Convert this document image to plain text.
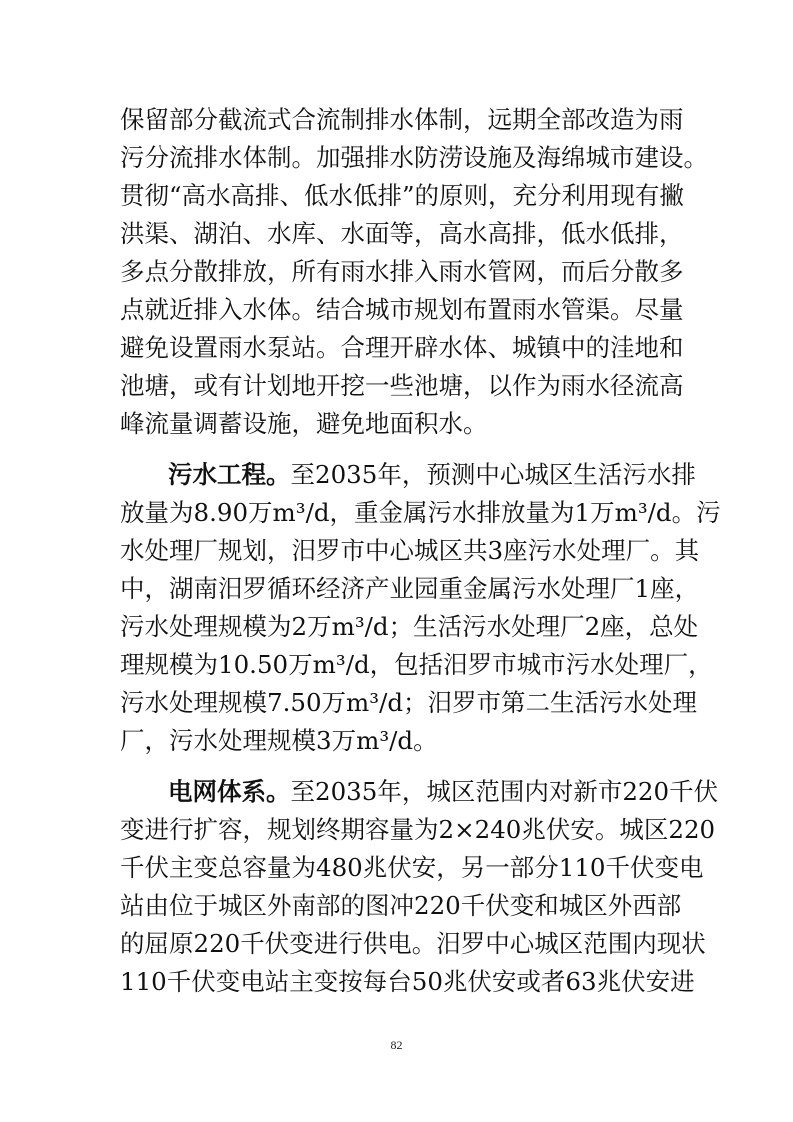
保留部分截流式合流制排水体制，远期全部改造为雨
污分流排水体制。加强排水防涝设施及海绵城市建设。
贯彻“高水高排、低水低排”的原则，充分利用现有撇
洪渠、湖泊、水库、水面等，高水高排，低水低排，
多点分散排放，所有雨水排入雨水管网，而后分散多
点就近排入水体。结合城市规划布置雨水管渠。尽量
避免设置雨水泵站。合理开辟水体、城镇中的洼地和
池塘，或有计划地开挖一些池塘，以作为雨水径流高
峰流量调蓄设施，避免地面积水。
污水工程。至2035年，预测中心城区生活污水排
放量为8.90万m³/d，重金属污水排放量为1万m³/d。污
水处理厂规划，汨罗市中心城区共3座污水处理厂。其
中，湖南汨罗循环经济产业园重金属污水处理厂1座，
污水处理规模为2万m³/d；生活污水处理厂2座，总处
理规模为10.50万m³/d，包括汨罗市城市污水处理厂，
污水处理规模7.50万m³/d；汨罗市第二生活污水处理
厂，污水处理规模3万m³/d。
电网体系。至2035年，城区范围内对新市220千伏
变进行扩容，规划终期容量为2×240兆伏安。城区220
千伏主变总容量为480兆伏安，另一部分110千伏变电
站由位于城区外南部的图冲220千伏变和城区外西部
的屈原220千伏变进行供电。汨罗中心城区范围内现状
110千伏变电站主变按每台50兆伏安或者63兆伏安进
82
